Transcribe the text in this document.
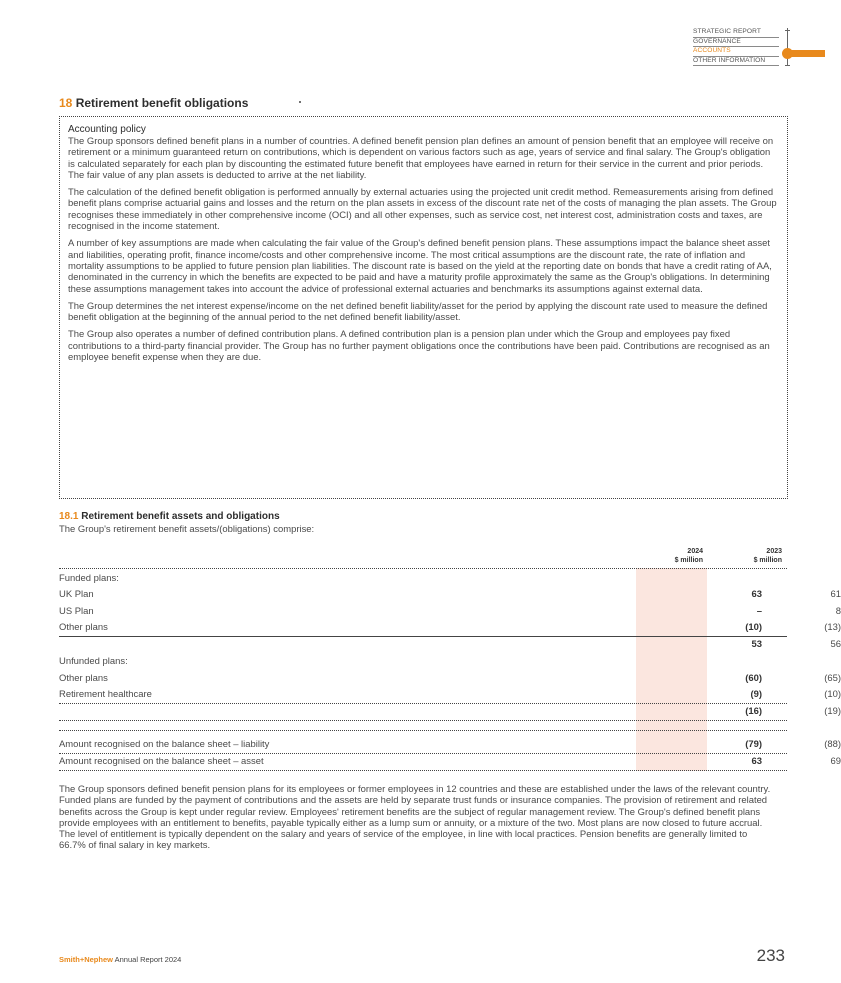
STRATEGIC REPORT
GOVERNANCE
ACCOUNTS
OTHER INFORMATION
18 Retirement benefit obligations
Accounting policy

The Group sponsors defined benefit plans in a number of countries. A defined benefit pension plan defines an amount of pension benefit that an employee will receive on retirement or a minimum guaranteed return on contributions, which is dependent on various factors such as age, years of service and final salary. The Group's obligation is calculated separately for each plan by discounting the estimated future benefit that employees have earned in return for their service in the current and prior periods. The fair value of any plan assets is deducted to arrive at the net liability.

The calculation of the defined benefit obligation is performed annually by external actuaries using the projected unit credit method. Remeasurements arising from defined benefit plans comprise actuarial gains and losses and the return on the plan assets in excess of the discount rate net of the costs of managing the plan assets. The Group recognises these immediately in other comprehensive income (OCI) and all other expenses, such as service cost, net interest cost, administration costs and taxes, are recognised in the income statement.

A number of key assumptions are made when calculating the fair value of the Group's defined benefit pension plans. These assumptions impact the balance sheet asset and liabilities, operating profit, finance income/costs and other comprehensive income. The most critical assumptions are the discount rate, the rate of inflation and mortality assumptions to be applied to future pension plan liabilities. The discount rate is based on the yield at the reporting date on bonds that have a credit rating of AA, denominated in the currency in which the benefits are expected to be paid and have a maturity profile approximately the same as the Group's obligations. In determining these assumptions management takes into account the advice of professional external actuaries and benchmarks its assumptions against external data.

The Group determines the net interest expense/income on the net defined benefit liability/asset for the period by applying the discount rate used to measure the defined benefit obligation at the beginning of the annual period to the net defined benefit liability/asset.

The Group also operates a number of defined contribution plans. A defined contribution plan is a pension plan under which the Group and employees pay fixed contributions to a third-party financial provider. The Group has no further payment obligations once the contributions have been paid. Contributions are recognised as an employee benefit expense when they are due.

18.1 Retirement benefit assets and obligations
The Group's retirement benefit assets/(obligations) comprise:
2024
$ million
2023
$ million
Funded plans:
UK Plan	63	61
US Plan	–	8
Other plans	(10)	(13)
53	56
Unfunded plans:
Other plans	(60)	(65)
Retirement healthcare	(9)	(10)
(16)	(19)
Amount recognised on the balance sheet – liability	(79)	(88)
Amount recognised on the balance sheet – asset	63	69
The Group sponsors defined benefit pension plans for its employees or former employees in 12 countries and these are established under the laws of the relevant country. Funded plans are funded by the payment of contributions and the assets are held by separate trust funds or insurance companies. The provision of retirement and related benefits across the Group is kept under regular review. Employees' retirement benefits are the subject of regular management review. The Group's defined benefit plans provide employees with an entitlement to benefits, payable typically either as a lump sum or annuity, or a mixture of the two. Most plans are now closed to future accrual. The level of entitlement is typically dependent on the salary and years of service of the employee, in line with local practices. Pension benefits are generally limited to 66.7% of final salary in key markets.
Smith+Nephew Annual Report 2024	233
